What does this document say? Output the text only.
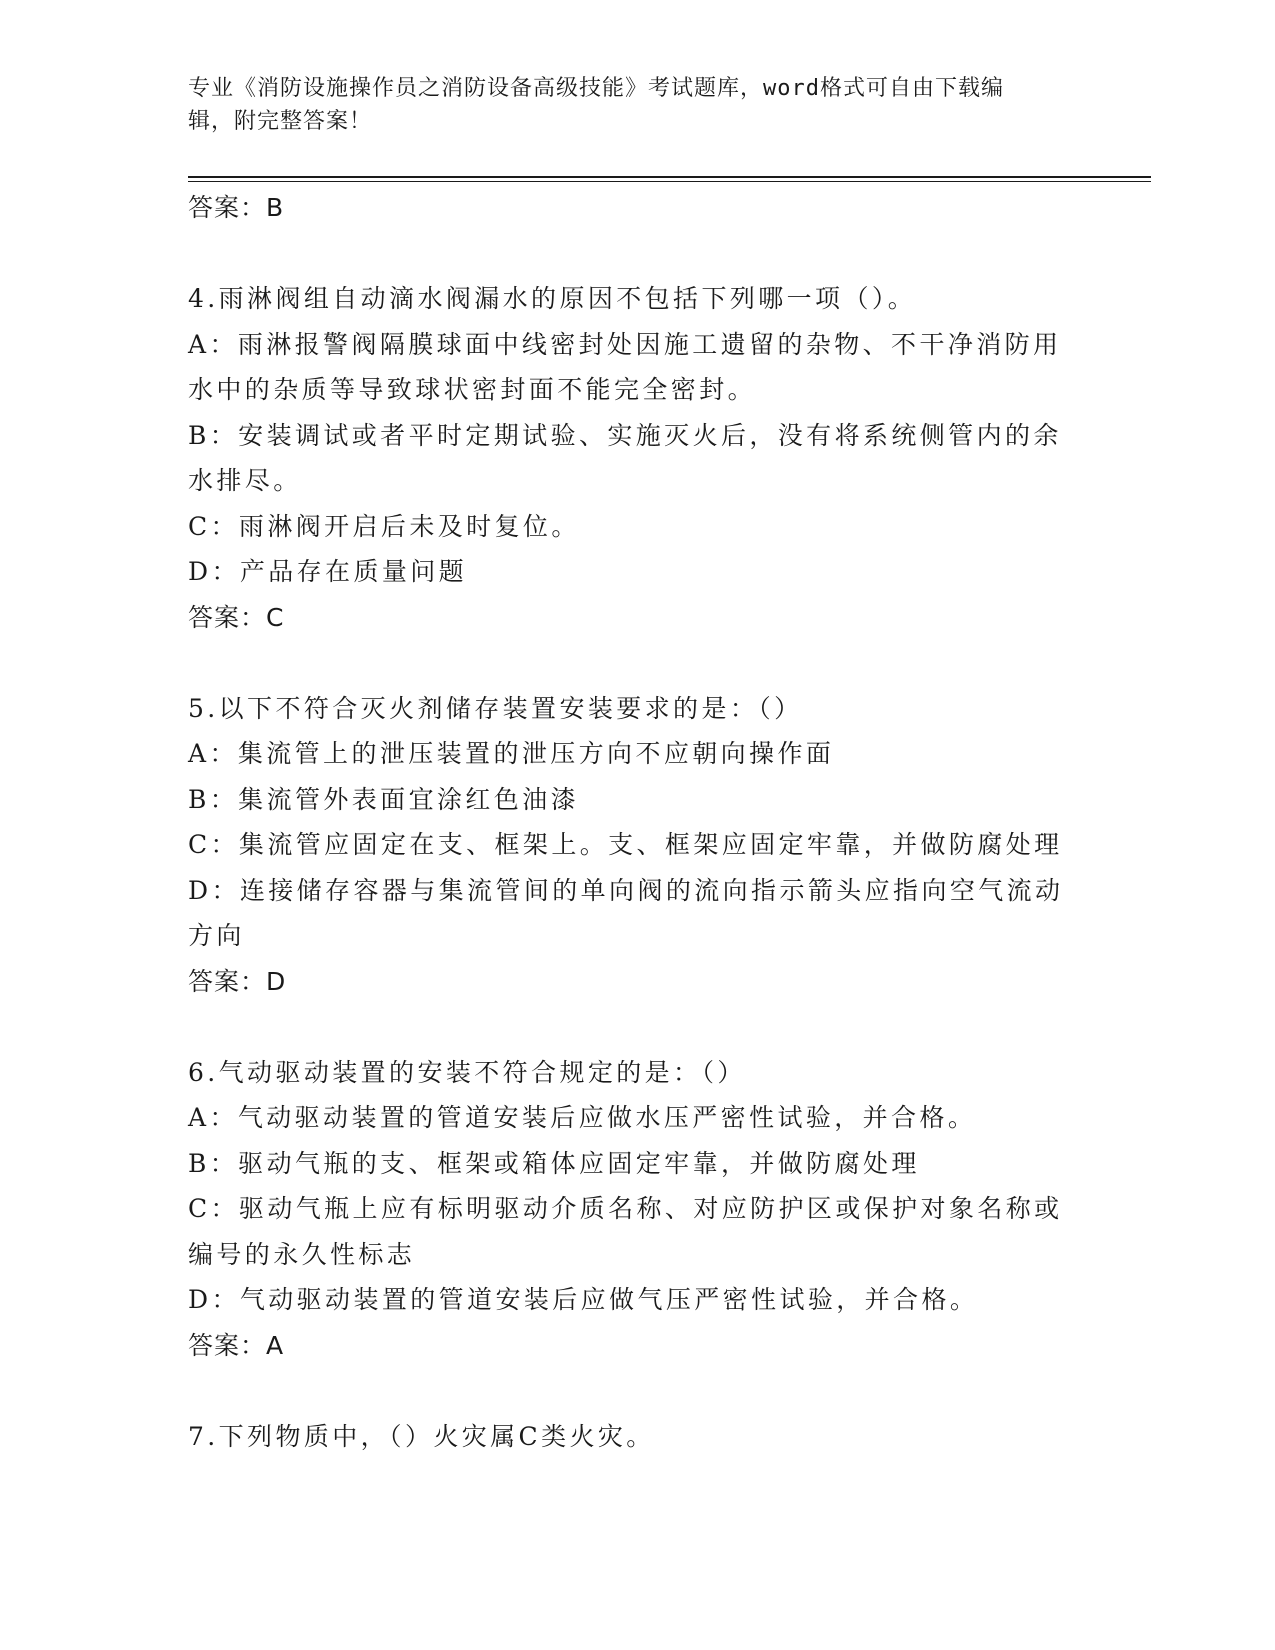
专业《消防设施操作员之消防设备高级技能》考试题库，word格式可自由下载编
辑，附完整答案！
答案：B
4.雨淋阀组自动滴水阀漏水的原因不包括下列哪一项（）。
A：雨淋报警阀隔膜球面中线密封处因施工遗留的杂物、不干净消防用
水中的杂质等导致球状密封面不能完全密封。
B：安装调试或者平时定期试验、实施灭火后，没有将系统侧管内的余
水排尽。
C：雨淋阀开启后未及时复位。
D：产品存在质量问题
答案：C
5.以下不符合灭火剂储存装置安装要求的是：（）
A：集流管上的泄压装置的泄压方向不应朝向操作面
B：集流管外表面宜涂红色油漆
C：集流管应固定在支、框架上。支、框架应固定牢靠，并做防腐处理
D：连接储存容器与集流管间的单向阀的流向指示箭头应指向空气流动
方向
答案：D
6.气动驱动装置的安装不符合规定的是：（）
A：气动驱动装置的管道安装后应做水压严密性试验，并合格。
B：驱动气瓶的支、框架或箱体应固定牢靠，并做防腐处理
C：驱动气瓶上应有标明驱动介质名称、对应防护区或保护对象名称或
编号的永久性标志
D：气动驱动装置的管道安装后应做气压严密性试验，并合格。
答案：A
7.下列物质中，（）火灾属C类火灾。
